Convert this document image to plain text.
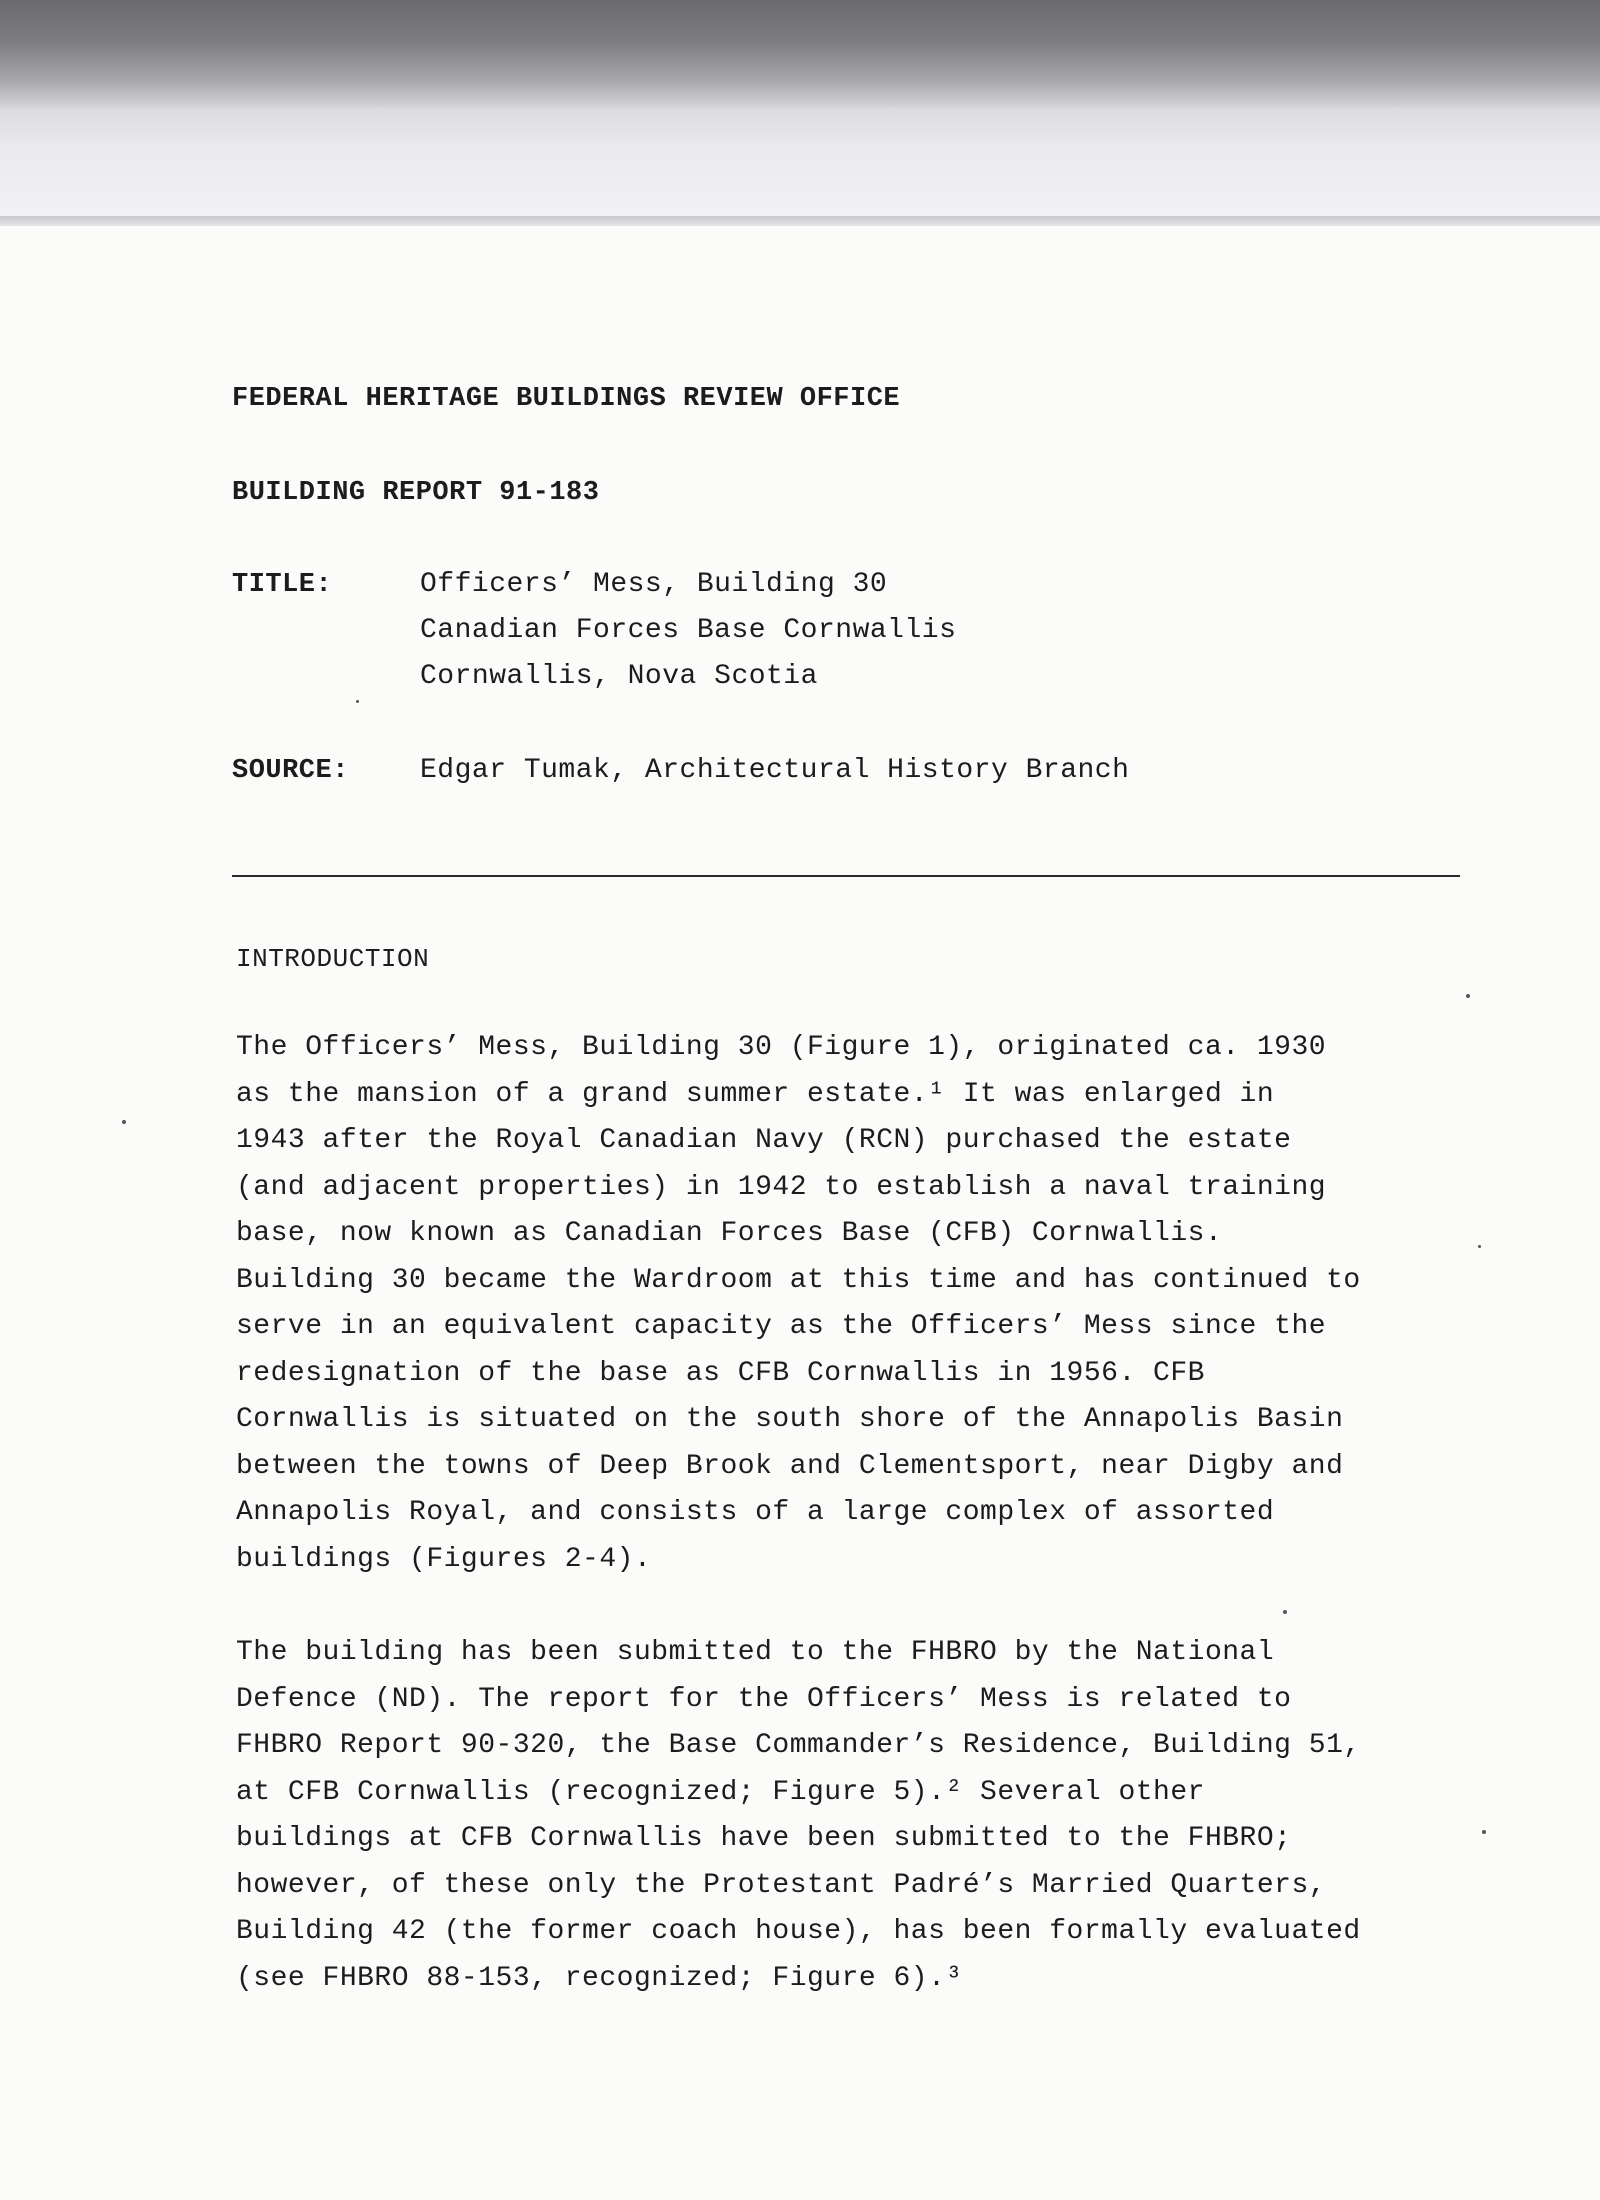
FEDERAL HERITAGE BUILDINGS REVIEW OFFICE
BUILDING REPORT 91-183
TITLE:	Officers’ Mess, Building 30
Canadian Forces Base Cornwallis
Cornwallis, Nova Scotia
SOURCE:	Edgar Tumak, Architectural History Branch
INTRODUCTION
The Officers’ Mess, Building 30 (Figure 1), originated ca. 1930
as the mansion of a grand summer estate.¹ It was enlarged in
1943 after the Royal Canadian Navy (RCN) purchased the estate
(and adjacent properties) in 1942 to establish a naval training
base, now known as Canadian Forces Base (CFB) Cornwallis.
Building 30 became the Wardroom at this time and has continued to
serve in an equivalent capacity as the Officers’ Mess since the
redesignation of the base as CFB Cornwallis in 1956. CFB
Cornwallis is situated on the south shore of the Annapolis Basin
between the towns of Deep Brook and Clementsport, near Digby and
Annapolis Royal, and consists of a large complex of assorted
buildings (Figures 2-4).
The building has been submitted to the FHBRO by the National
Defence (ND). The report for the Officers’ Mess is related to
FHBRO Report 90-320, the Base Commander’s Residence, Building 51,
at CFB Cornwallis (recognized; Figure 5).² Several other
buildings at CFB Cornwallis have been submitted to the FHBRO;
however, of these only the Protestant Padré’s Married Quarters,
Building 42 (the former coach house), has been formally evaluated
(see FHBRO 88-153, recognized; Figure 6).³
